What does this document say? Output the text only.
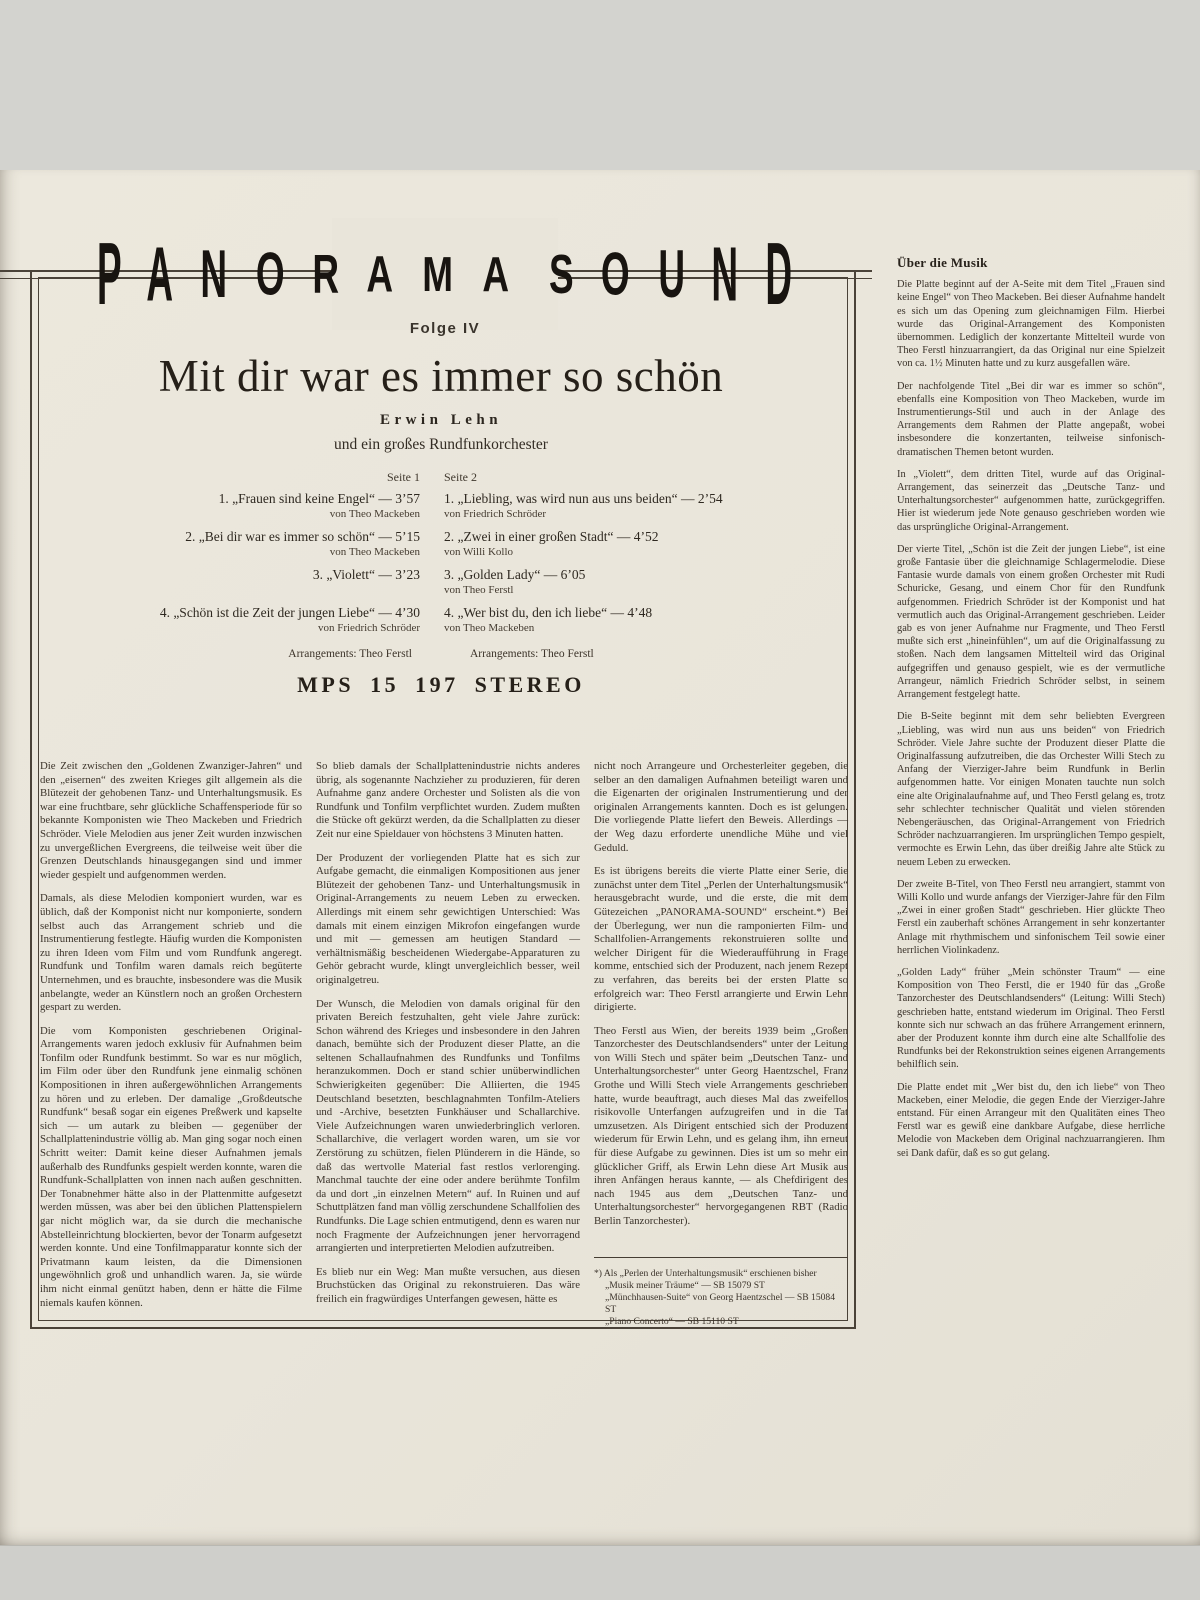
P A N O R A M A
S O U N D
Folge IV
Mit dir war es immer so schön
Erwin Lehn
und ein großes Rundfunkorchester
Seite 1
1. „Frauen sind keine Engel“ — 3’57
von Theo Mackeben
2. „Bei dir war es immer so schön“ — 5’15
von Theo Mackeben
3. „Violett“ — 3’23
4. „Schön ist die Zeit der jungen Liebe“ — 4’30
von Friedrich Schröder
Seite 2
1. „Liebling, was wird nun aus uns beiden“ — 2’54
von Friedrich Schröder
2. „Zwei in einer großen Stadt“ — 4’52
von Willi Kollo
3. „Golden Lady“ — 6’05
von Theo Ferstl
4. „Wer bist du, den ich liebe“ — 4’48
von Theo Mackeben
Arrangements: Theo Ferstl	Arrangements: Theo Ferstl
MPS 15 197 STEREO

Die Zeit zwischen den „Goldenen Zwanziger-Jahren“ und den „eisernen“ des zweiten Krieges gilt allgemein als die Blütezeit der gehobenen Tanz- und Unterhaltungsmusik. Es war eine fruchtbare, sehr glückliche Schaffensperiode für so bekannte Komponisten wie Theo Mackeben und Friedrich Schröder. Viele Melodien aus jener Zeit wurden inzwischen zu unvergeßlichen Evergreens, die teilweise weit über die Grenzen Deutschlands hinausgegangen sind und immer wieder gespielt und aufgenommen werden.

Damals, als diese Melodien komponiert wurden, war es üblich, daß der Komponist nicht nur komponierte, sondern selbst auch das Arrangement schrieb und die Instrumentierung festlegte. Häufig wurden die Komponisten zu ihren Ideen vom Film und vom Rundfunk angeregt. Rundfunk und Tonfilm waren damals reich begüterte Unternehmen, und es brauchte, insbesondere was die Musik anbelangte, weder an Künstlern noch an großen Orchestern gespart zu werden.

Die vom Komponisten geschriebenen Original-Arrangements waren jedoch exklusiv für Aufnahmen beim Tonfilm oder Rundfunk bestimmt. So war es nur möglich, im Film oder über den Rundfunk jene einmalig schönen Kompositionen in ihren außergewöhnlichen Arrangements zu hören und zu erleben. Der damalige „Großdeutsche Rundfunk“ besaß sogar ein eigenes Preßwerk und kapselte sich — um autark zu bleiben — gegenüber der Schallplattenindustrie völlig ab. Man ging sogar noch einen Schritt weiter: Damit keine dieser Aufnahmen jemals außerhalb des Rundfunks gespielt werden konnte, waren die Rundfunk-Schallplatten von innen nach außen geschnitten. Der Tonabnehmer hätte also in der Plattenmitte aufgesetzt werden müssen, was aber bei den üblichen Plattenspielern gar nicht möglich war, da sie durch die mechanische Abstelleinrichtung blockierten, bevor der Tonarm aufgesetzt werden konnte. Und eine Tonfilmapparatur konnte sich der Privatmann kaum leisten, da die Dimensionen ungewöhnlich groß und unhandlich waren. Ja, sie würde ihm nicht einmal genützt haben, denn er hätte die Filme niemals kaufen können.

So blieb damals der Schallplattenindustrie nichts anderes übrig, als sogenannte Nachzieher zu produzieren, für deren Aufnahme ganz andere Orchester und Solisten als die von Rundfunk und Tonfilm verpflichtet wurden. Zudem mußten die Stücke oft gekürzt werden, da die Schallplatten zu dieser Zeit nur eine Spieldauer von höchstens 3 Minuten hatten.

Der Produzent der vorliegenden Platte hat es sich zur Aufgabe gemacht, die einmaligen Kompositionen aus jener Blütezeit der gehobenen Tanz- und Unterhaltungsmusik in Original-Arrangements zu neuem Leben zu erwecken. Allerdings mit einem sehr gewichtigen Unterschied: Was damals mit einem einzigen Mikrofon eingefangen wurde und mit — gemessen am heutigen Standard — verhältnismäßig bescheidenen Wiedergabe-Apparaturen zu Gehör gebracht wurde, klingt unvergleichlich besser, weil originalgetreu.

Der Wunsch, die Melodien von damals original für den privaten Bereich festzuhalten, geht viele Jahre zurück: Schon während des Krieges und insbesondere in den Jahren danach, bemühte sich der Produzent dieser Platte, an die seltenen Schallaufnahmen des Rundfunks und Tonfilms heranzukommen. Doch er stand schier unüberwindlichen Schwierigkeiten gegenüber: Die Alliierten, die 1945 Deutschland besetzten, beschlagnahmten Tonfilm-Ateliers und -Archive, besetzten Funkhäuser und Schallarchive. Viele Aufzeichnungen waren unwiederbringlich verloren. Schallarchive, die verlagert worden waren, um sie vor Zerstörung zu schützen, fielen Plünderern in die Hände, so daß das wertvolle Material fast restlos verlorenging. Manchmal tauchte der eine oder andere berühmte Tonfilm da und dort „in einzelnen Metern“ auf. In Ruinen und auf Schuttplätzen fand man völlig zerschundene Schallfolien des Rundfunks. Die Lage schien entmutigend, denn es waren nur noch Fragmente der Aufzeichnungen jener hervorragend arrangierten und interpretierten Melodien aufzutreiben.

Es blieb nur ein Weg: Man mußte versuchen, aus diesen Bruchstücken das Original zu rekonstruieren. Das wäre freilich ein fragwürdiges Unterfangen gewesen, hätte es

nicht noch Arrangeure und Orchesterleiter gegeben, die selber an den damaligen Aufnahmen beteiligt waren und die Eigenarten der originalen Instrumentierung und der originalen Arrangements kannten. Doch es ist gelungen. Die vorliegende Platte liefert den Beweis. Allerdings — der Weg dazu erforderte unendliche Mühe und viel Geduld.

Es ist übrigens bereits die vierte Platte einer Serie, die zunächst unter dem Titel „Perlen der Unterhaltungsmusik“ herausgebracht wurde, und die erste, die mit dem Gütezeichen „PANORAMA-SOUND“ erscheint.*) Bei der Überlegung, wer nun die ramponierten Film- und Schallfolien-Arrangements rekonstruieren sollte und welcher Dirigent für die Wiederaufführung in Frage komme, entschied sich der Produzent, nach jenem Rezept zu verfahren, das bereits bei der ersten Platte so erfolgreich war: Theo Ferstl arrangierte und Erwin Lehn dirigierte.

Theo Ferstl aus Wien, der bereits 1939 beim „Großen Tanzorchester des Deutschlandsenders“ unter der Leitung von Willi Stech und später beim „Deutschen Tanz- und Unterhaltungsorchester“ unter Georg Haentzschel, Franz Grothe und Willi Stech viele Arrangements geschrieben hatte, wurde beauftragt, auch dieses Mal das zweifellos risikovolle Unterfangen aufzugreifen und in die Tat umzusetzen. Als Dirigent entschied sich der Produzent wiederum für Erwin Lehn, und es gelang ihm, ihn erneut für diese Aufgabe zu gewinnen. Dies ist um so mehr ein glücklicher Griff, als Erwin Lehn diese Art Musik aus ihren Anfängen heraus kannte, — als Chefdirigent des nach 1945 aus dem „Deutschen Tanz- und Unterhaltungsorchester“ hervorgegangenen RBT (Radio Berlin Tanzorchester).

*) Als „Perlen der Unterhaltungsmusik“ erschienen bisher
„Musik meiner Träume“ — SB 15079 ST
„Münchhausen-Suite“ von Georg Haentzschel — SB 15084 ST
„Piano Concerto“ — SB 15110 ST
Über die Musik

Die Platte beginnt auf der A-Seite mit dem Titel „Frauen sind keine Engel“ von Theo Mackeben. Bei dieser Aufnahme handelt es sich um das Opening zum gleichnamigen Film. Hierbei wurde das Original-Arrangement des Komponisten übernommen. Lediglich der konzertante Mittelteil wurde von Theo Ferstl hinzuarrangiert, da das Original nur eine Spielzeit von ca. 1½ Minuten hatte und zu kurz ausgefallen wäre.

Der nachfolgende Titel „Bei dir war es immer so schön“, ebenfalls eine Komposition von Theo Mackeben, wurde im Instrumentierungs-Stil und auch in der Anlage des Arrangements dem Rahmen der Platte angepaßt, wobei insbesondere die konzertanten, teilweise sinfonisch-dramatischen Themen betont wurden.

In „Violett“, dem dritten Titel, wurde auf das Original-Arrangement, das seinerzeit das „Deutsche Tanz- und Unterhaltungsorchester“ aufgenommen hatte, zurückgegriffen. Hier ist wiederum jede Note genauso geschrieben worden wie das ursprüngliche Original-Arrangement.

Der vierte Titel, „Schön ist die Zeit der jungen Liebe“, ist eine große Fantasie über die gleichnamige Schlagermelodie. Diese Fantasie wurde damals von einem großen Orchester mit Rudi Schuricke, Gesang, und einem Chor für den Rundfunk aufgenommen. Friedrich Schröder ist der Komponist und hat vermutlich auch das Original-Arrangement geschrieben. Leider gab es von jener Aufnahme nur Fragmente, und Theo Ferstl mußte sich erst „hineinfühlen“, um auf die Originalfassung zu stoßen. Nach dem langsamen Mittelteil wird das Original aufgegriffen und genauso gespielt, wie es der vermutliche Arrangeur, nämlich Friedrich Schröder selbst, in seinem Arrangement festgelegt hatte.

Die B-Seite beginnt mit dem sehr beliebten Evergreen „Liebling, was wird nun aus uns beiden“ von Friedrich Schröder. Viele Jahre suchte der Produzent dieser Platte die Originalfassung aufzutreiben, die das Orchester Willi Stech zu Anfang der Vierziger-Jahre beim Rundfunk in Berlin aufgenommen hatte. Vor einigen Monaten tauchte nun solch eine alte Originalaufnahme auf, und Theo Ferstl gelang es, trotz sehr schlechter technischer Qualität und vielen störenden Nebengeräuschen, das Original-Arrangement von Friedrich Schröder nachzuarrangieren. Im ursprünglichen Tempo gespielt, vermochte es Erwin Lehn, das über dreißig Jahre alte Stück zu neuem Leben zu erwecken.

Der zweite B-Titel, von Theo Ferstl neu arrangiert, stammt von Willi Kollo und wurde anfangs der Vierziger-Jahre für den Film „Zwei in einer großen Stadt“ geschrieben. Hier glückte Theo Ferstl ein zauberhaft schönes Arrangement in sehr konzertanter Anlage mit rhythmischem und sinfonischem Teil sowie einer herrlichen Violinkadenz.

„Golden Lady“ früher „Mein schönster Traum“ — eine Komposition von Theo Ferstl, die er 1940 für das „Große Tanzorchester des Deutschlandsenders“ (Leitung: Willi Stech) geschrieben hatte, entstand wiederum im Original. Theo Ferstl konnte sich nur schwach an das frühere Arrangement erinnern, aber der Produzent konnte ihm durch eine alte Schallfolie des Rundfunks bei der Rekonstruktion seines eigenen Arrangements behilflich sein.

Die Platte endet mit „Wer bist du, den ich liebe“ von Theo Mackeben, einer Melodie, die gegen Ende der Vierziger-Jahre entstand. Für einen Arrangeur mit den Qualitäten eines Theo Ferstl war es gewiß eine dankbare Aufgabe, diese herrliche Melodie von Mackeben dem Original nachzuarrangieren. Ihm sei Dank dafür, daß es so gut gelang.
